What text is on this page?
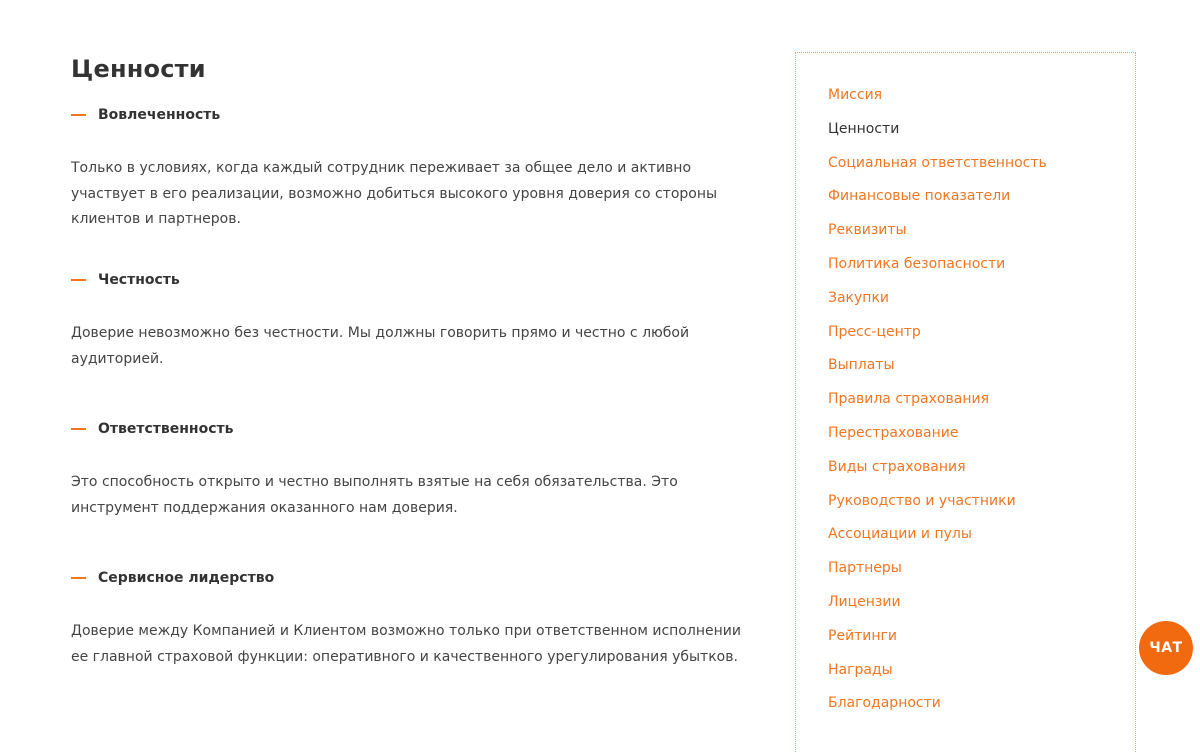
Ценности
Вовлеченность
Только в условиях, когда каждый сотрудник переживает за общее дело и активно участвует в его реализации, возможно добиться высокого уровня доверия со стороны клиентов и партнеров.
Честность
Доверие невозможно без честности. Мы должны говорить прямо и честно с любой аудиторией.
Ответственность
Это способность открыто и честно выполнять взятые на себя обязательства. Это инструмент поддержания оказанного нам доверия.
Сервисное лидерство
Доверие между Компанией и Клиентом возможно только при ответственном исполнении ее главной страховой функции: оперативного и качественного урегулирования убытков.
Миссия
Ценности
Социальная ответственность
Финансовые показатели
Реквизиты
Политика безопасности
Закупки
Пресс-центр
Выплаты
Правила страхования
Перестрахование
Виды страхования
Руководство и участники
Ассоциации и пулы
Партнеры
Лицензии
Рейтинги
Награды
Благодарности
ЧАТ
